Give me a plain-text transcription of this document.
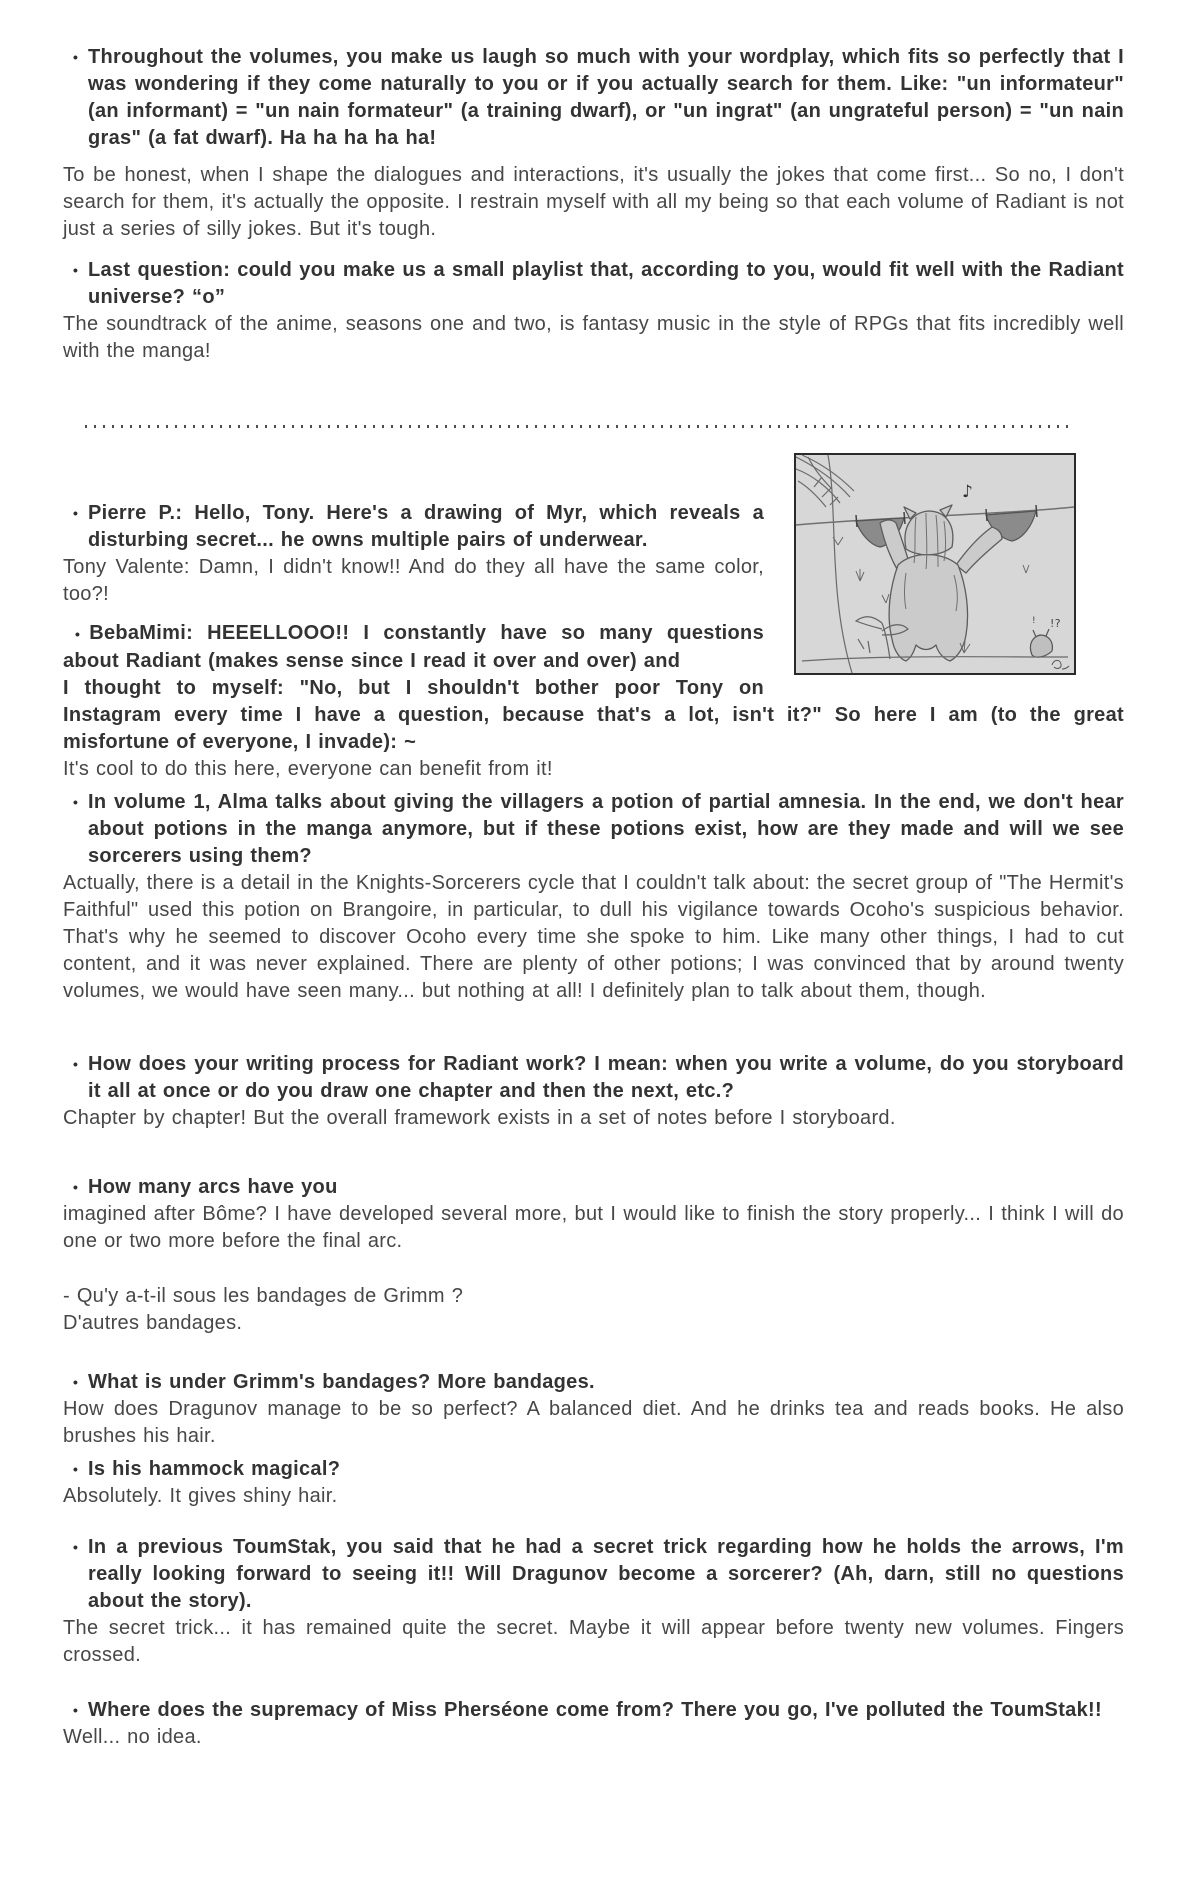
• Throughout the volumes, you make us laugh so much with your wordplay, which fits so perfectly that I was wondering if they come naturally to you or if you actually search for them. Like: "un informateur" (an informant) = "un nain formateur" (a training dwarf), or "un ingrat" (an ungrateful person) = "un nain gras" (a fat dwarf). Ha ha ha ha ha!

To be honest, when I shape the dialogues and interactions, it's usually the jokes that come first... So no, I don't search for them, it's actually the opposite. I restrain myself with all my being so that each volume of Radiant is not just a series of silly jokes. But it's tough.

• Last question: could you make us a small playlist that, according to you, would fit well with the Radiant universe? “o”

The soundtrack of the anime, seasons one and two, is fantasy music in the style of RPGs that fits incredibly well with the manga!

♪
!?
!

• Pierre P.: Hello, Tony. Here's a drawing of Myr, which reveals a disturbing secret... he owns multiple pairs of underwear.

Tony Valente: Damn, I didn't know!! And do they all have the same color, too?!

• BebaMimi: HEEELLOOO!! I constantly have so many questions about Radiant (makes sense since I read it over and over) and

I thought to myself: "No, but I shouldn't bother poor Tony on Instagram every time I have a question, because that's a lot, isn't it?" So here I am (to the great misfortune of everyone, I invade): ~

It's cool to do this here, everyone can benefit from it!

• In volume 1, Alma talks about giving the villagers a potion of partial amnesia. In the end, we don't hear about potions in the manga anymore, but if these potions exist, how are they made and will we see sorcerers using them?

Actually, there is a detail in the Knights-Sorcerers cycle that I couldn't talk about: the secret group of "The Hermit's Faithful" used this potion on Brangoire, in particular, to dull his vigilance towards Ocoho's suspicious behavior. That's why he seemed to discover Ocoho every time she spoke to him. Like many other things, I had to cut content, and it was never explained. There are plenty of other potions; I was convinced that by around twenty volumes, we would have seen many... but nothing at all! I definitely plan to talk about them, though.

• How does your writing process for Radiant work? I mean: when you write a volume, do you storyboard it all at once or do you draw one chapter and then the next, etc.?

Chapter by chapter! But the overall framework exists in a set of notes before I storyboard.

• How many arcs have you

imagined after Bôme? I have developed several more, but I would like to finish the story properly... I think I will do one or two more before the final arc.

- Qu'y a-t-il sous les bandages de Grimm ?

D'autres bandages.

• What is under Grimm's bandages? More bandages.

How does Dragunov manage to be so perfect? A balanced diet. And he drinks tea and reads books. He also brushes his hair.

• Is his hammock magical?

Absolutely. It gives shiny hair.

• In a previous ToumStak, you said that he had a secret trick regarding how he holds the arrows, I'm really looking forward to seeing it!! Will Dragunov become a sorcerer? (Ah, darn, still no questions about the story).

The secret trick... it has remained quite the secret. Maybe it will appear before twenty new volumes. Fingers crossed.

• Where does the supremacy of Miss Pherséone come from? There you go, I've polluted the ToumStak!!

Well... no idea.
